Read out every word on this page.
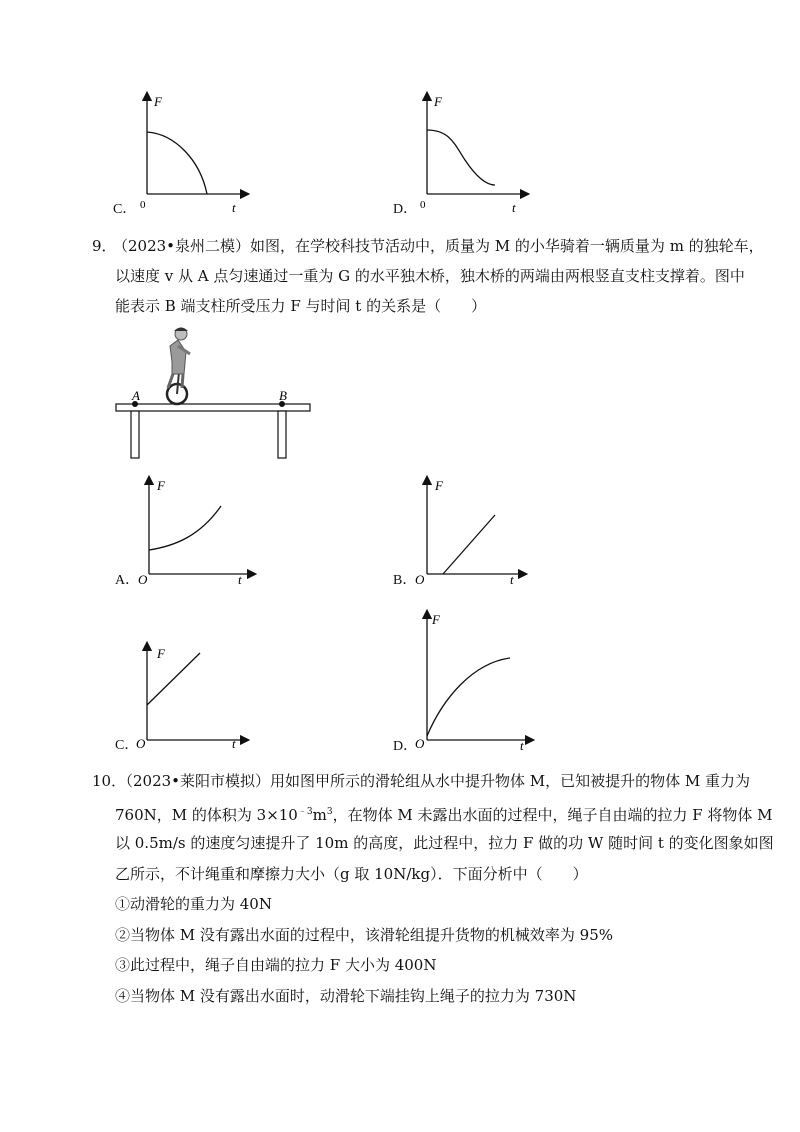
F
0	t
C．
F
0	t
D．
9．
（2023•泉州二模）如图，在学校科技节活动中，质量为 M 的小华骑着一辆质量为 m 的独轮车，
以速度 v 从 A 点匀速通过一重为 G 的水平独木桥，独木桥的两端由两根竖直支柱支撑着。图中
能表示 B 端支柱所受压力 F 与时间 t 的关系是（　　）
A	B
F
O	t
A．
F
O	t
B．
F
O	t
C．
F
O	t
D．
10．
（2023•莱阳市模拟）用如图甲所示的滑轮组从水中提升物体 M，已知被提升的物体 M 重力为
760N，M 的体积为 $3\times 10^{﹣3}m^3$，在物体 M 未露出水面的过程中，绳子自由端的拉力 F 将物体 M
以 0.5m/s 的速度匀速提升了 10m 的高度，此过程中，拉力 F 做的功 W 随时间 t 的变化图象如图
乙所示，不计绳重和摩擦力大小（g 取 10N/kg）．下面分析中（　　）
①动滑轮的重力为 40N
②当物体 M 没有露出水面的过程中，该滑轮组提升货物的机械效率为 95%
③此过程中，绳子自由端的拉力 F 大小为 400N
④当物体 M 没有露出水面时，动滑轮下端挂钩上绳子的拉力为 730N
